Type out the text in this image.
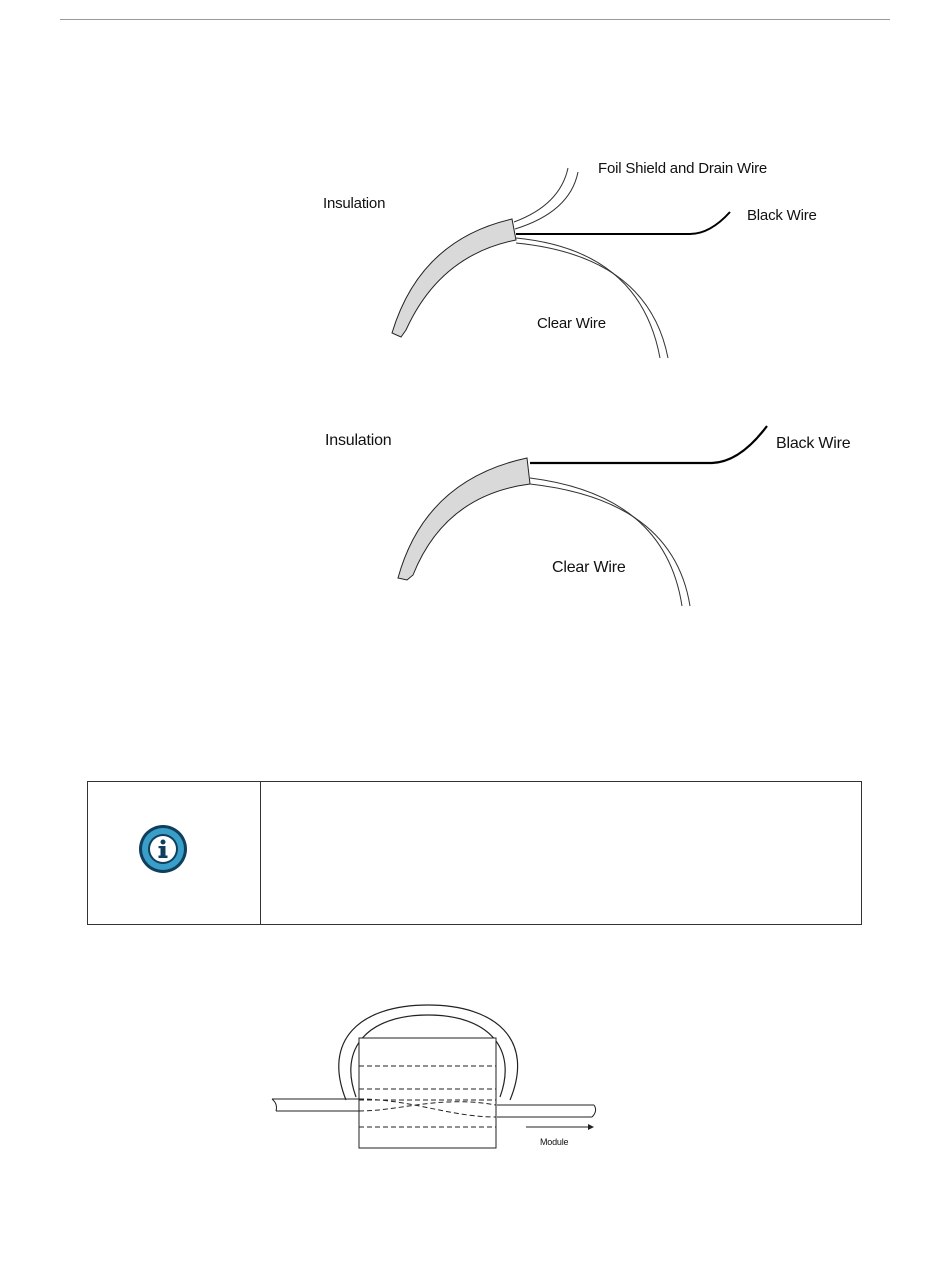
Foil Shield and Drain Wire
Insulation
Black Wire
Clear Wire
Insulation	Black Wire
Clear Wire
Module
